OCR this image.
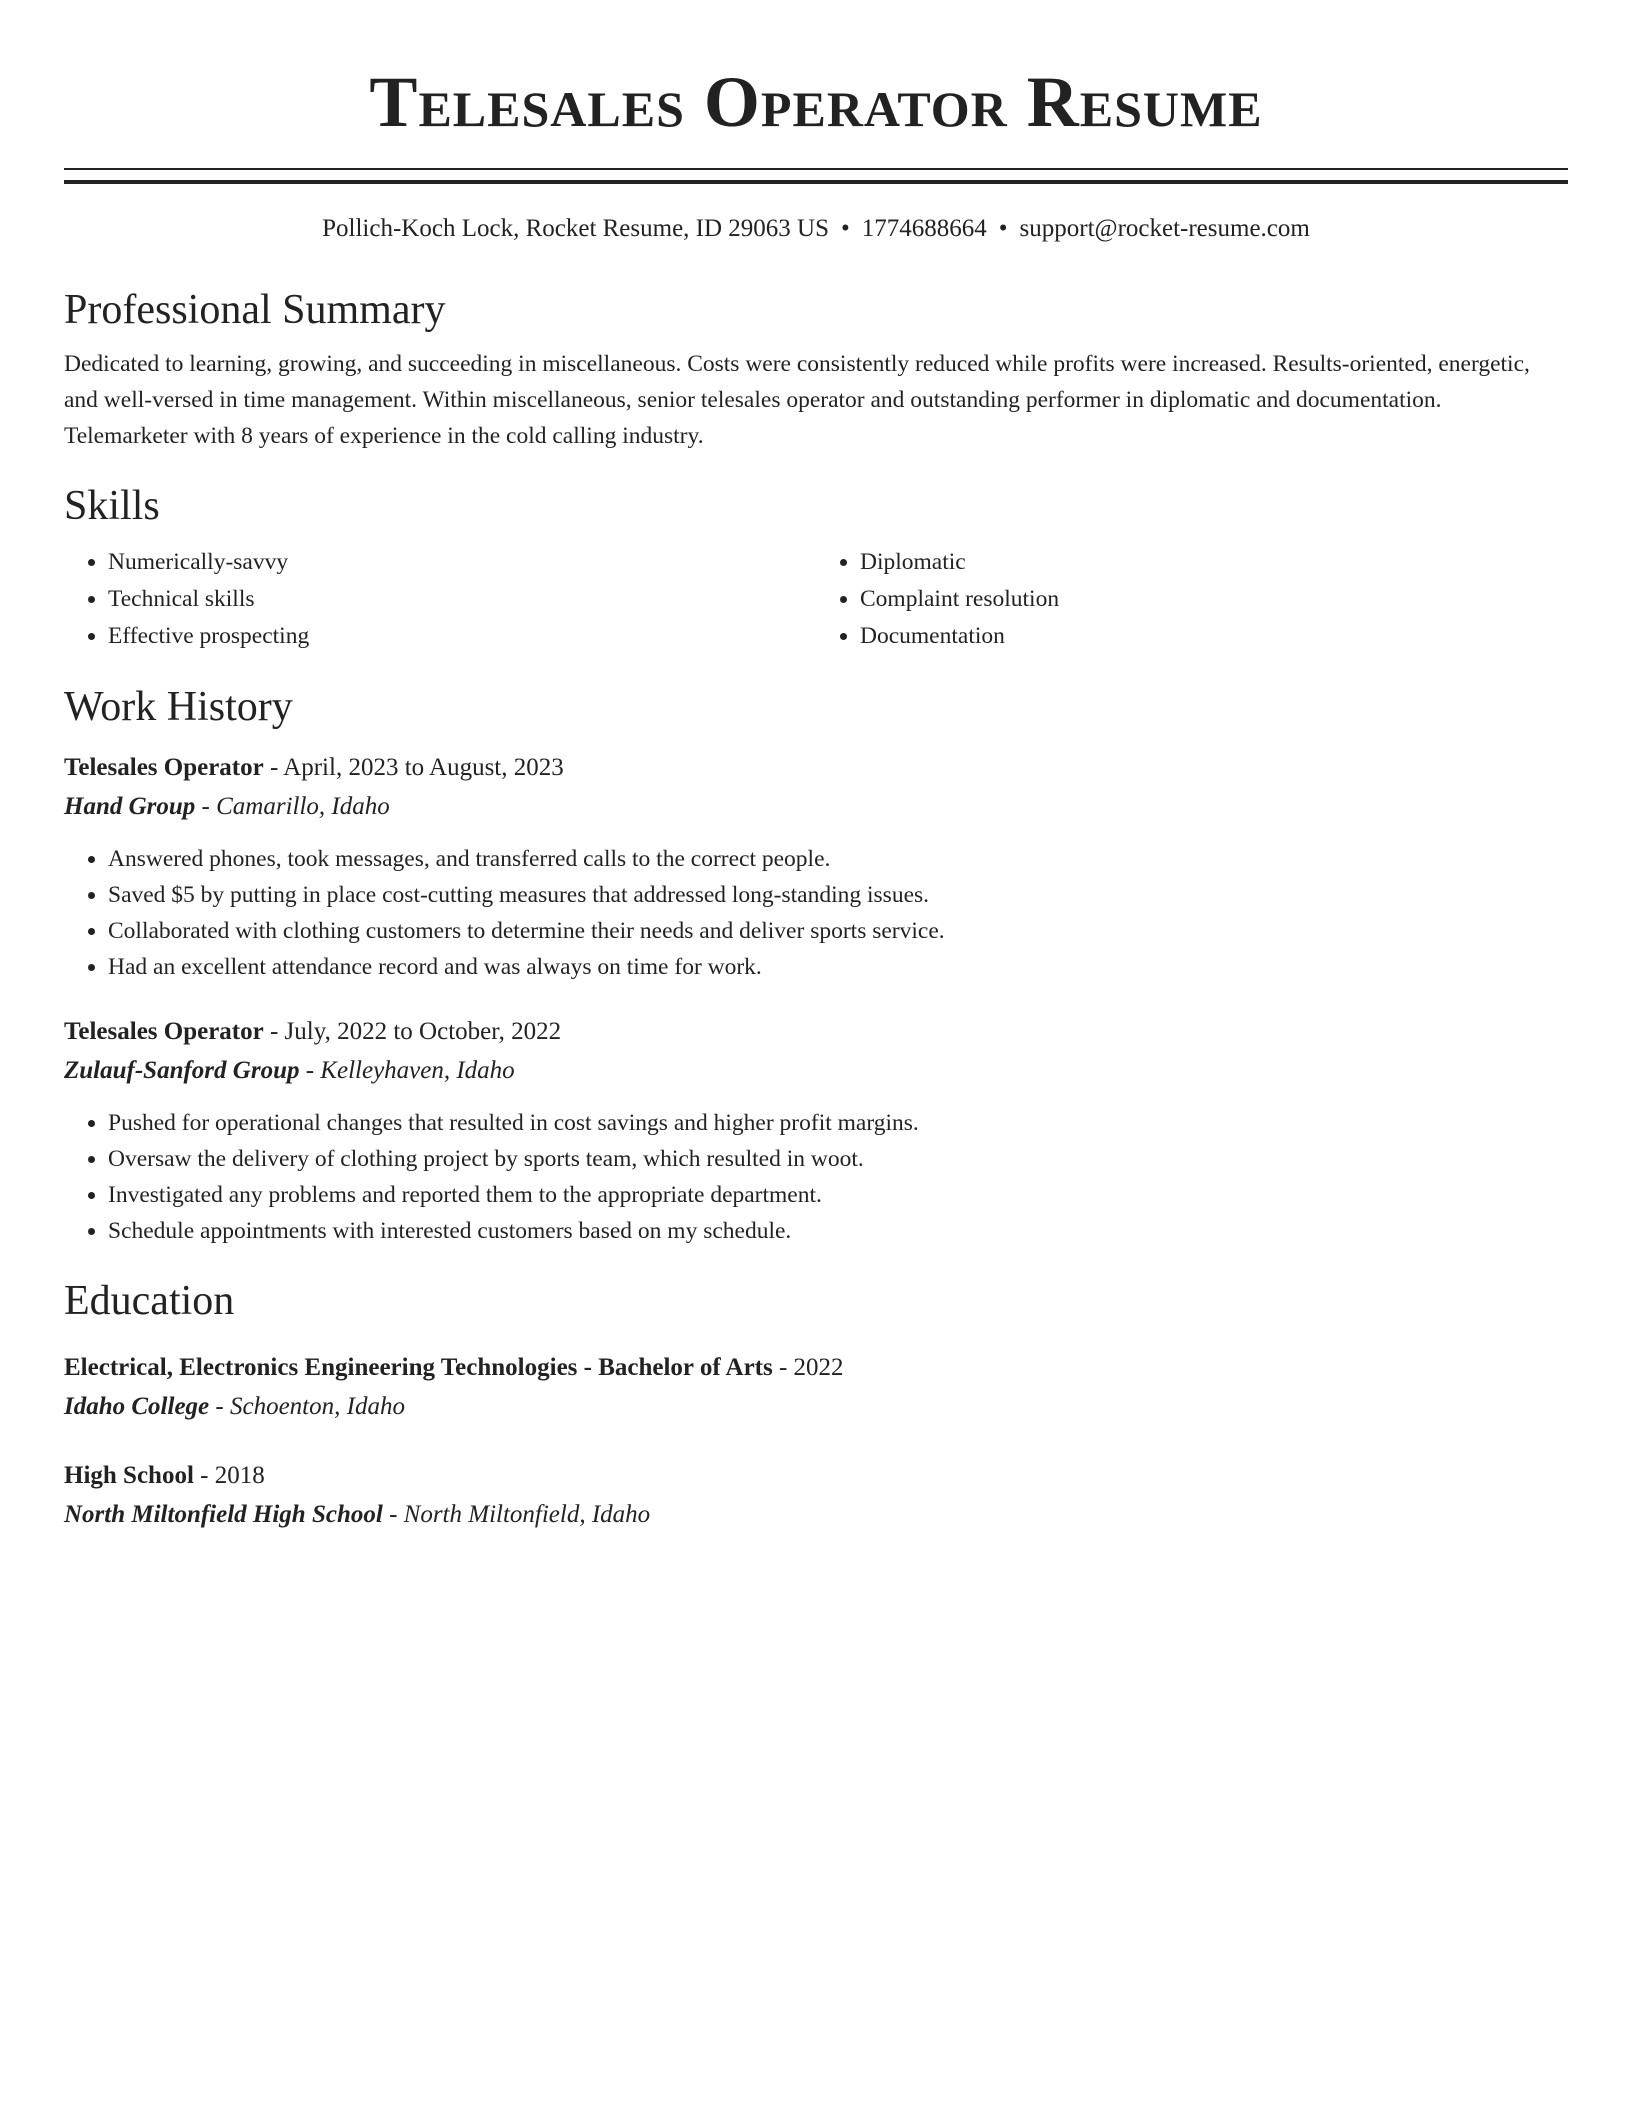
Telesales Operator Resume
Pollich-Koch Lock, Rocket Resume, ID 29063 US • 1774688664 • support@rocket-resume.com
Professional Summary
Dedicated to learning, growing, and succeeding in miscellaneous. Costs were consistently reduced while profits were increased. Results-oriented, energetic, and well-versed in time management. Within miscellaneous, senior telesales operator and outstanding performer in diplomatic and documentation. Telemarketer with 8 years of experience in the cold calling industry.
Skills
• Numerically-savvy
• Technical skills
• Effective prospecting
• Diplomatic
• Complaint resolution
• Documentation
Work History
Telesales Operator - April, 2023 to August, 2023
Hand Group - Camarillo, Idaho
• Answered phones, took messages, and transferred calls to the correct people.
• Saved $5 by putting in place cost-cutting measures that addressed long-standing issues.
• Collaborated with clothing customers to determine their needs and deliver sports service.
• Had an excellent attendance record and was always on time for work.
Telesales Operator - July, 2022 to October, 2022
Zulauf-Sanford Group - Kelleyhaven, Idaho
• Pushed for operational changes that resulted in cost savings and higher profit margins.
• Oversaw the delivery of clothing project by sports team, which resulted in woot.
• Investigated any problems and reported them to the appropriate department.
• Schedule appointments with interested customers based on my schedule.
Education
Electrical, Electronics Engineering Technologies - Bachelor of Arts - 2022
Idaho College - Schoenton, Idaho
High School - 2018
North Miltonfield High School - North Miltonfield, Idaho
